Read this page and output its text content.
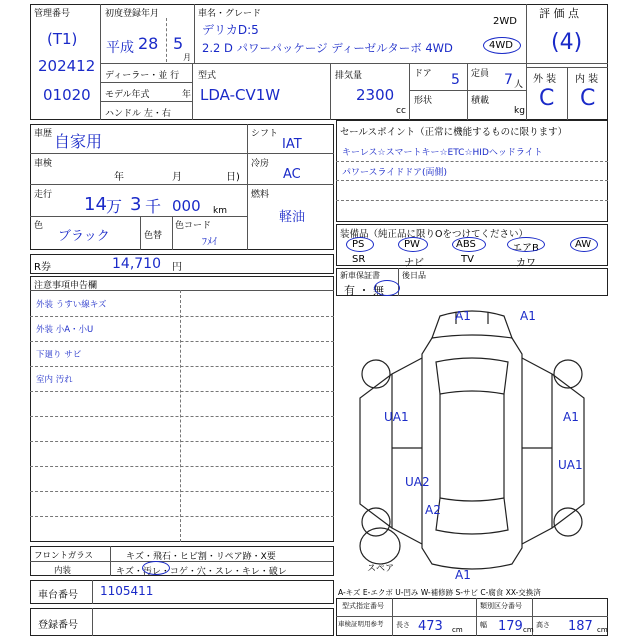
管理番号
(T1)
202412
01020
初度登録年月
平成 28 5
月
車名・グレード
デリカD:5
2.2 D パワーパッケージ ディーゼルターボ 4WD
2WD
4WD
評 価 点
(4)
外 装 内 装
C C
ディーラー・並 行
モデル年式	年
ハンドル 左・右
型式
LDA-CV1W
排気量
2300
cc
ドア 5 定員 7 人
形状	積載
kg
車歴 自家用
車検
年	月	日)
走行 14 万 3 千 000 km
色
ブラック	色替
色コード
ﾌﾒｲ
シフト
IAT
冷房
AC
燃料
軽油
R券	14,710 円
セールスポイント（正常に機能するものに限ります）
キーレス☆スマートキー☆ETC☆HIDヘッドライト
パワースライドドア(両側)
装備品（純正品に限りOをつけてください）
PS	PW	ABS	エアB	AW
SR	ナビ	TV	カワ
新車保証書
有 ・ 無
後日品
注意事項申告欄
外装 うすい線キズ
外装 小A・小U
下廻り サビ
室内 汚れ
A1	A1
UA1	A1
UA1
UA2
A2
A1
スペア
フロントガラス	キズ・飛石・ヒビ割・リペア跡・X要
内装	キズ・汚レ・コゲ・穴・スレ・キレ・破レ
車台番号 1105411
登録番号
A-キズ E-エクボ U-凹み W-補修跡 S-サビ C-腐食 XX-交換済
型式指定番号	類別区分番号
車検証明用参考	長さ 473 cm
幅 179 cm
高さ 187 cm
